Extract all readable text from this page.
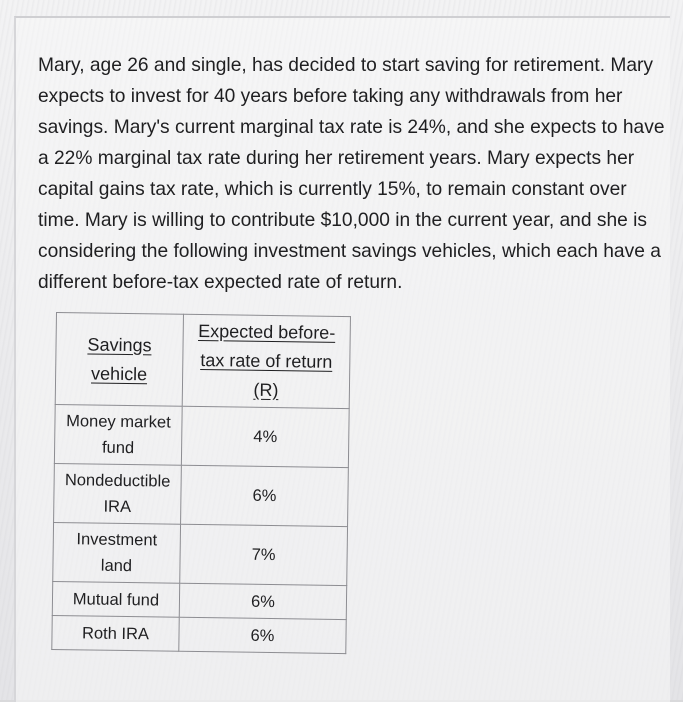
Mary, age 26 and single, has decided to start saving for retirement. Mary
expects to invest for 40 years before taking any withdrawals from her
savings. Mary's current marginal tax rate is 24%, and she expects to have
a 22% marginal tax rate during her retirement years. Mary expects her
capital gains tax rate, which is currently 15%, to remain constant over
time. Mary is willing to contribute $10,000 in the current year, and she is
considering the following investment savings vehicles, which each have a
different before-tax expected rate of return.

Savings
vehicle	Expected before-
tax rate of return
(R)

Money market
fund	4%

Nondeductible
IRA	6%

Investment
land	7%
Mutual fund	6%
Roth IRA	6%
